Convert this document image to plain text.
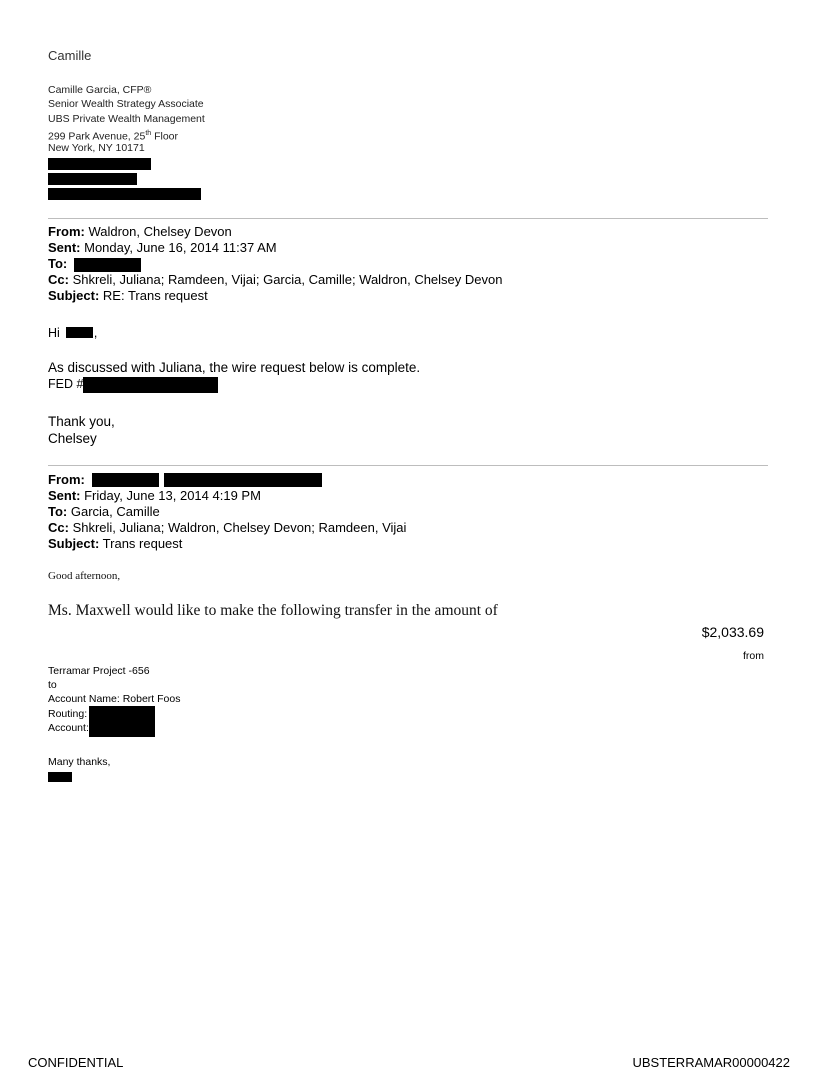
Camille
Camille Garcia, CFP®
Senior Wealth Strategy Associate
UBS Private Wealth Management
299 Park Avenue, 25th Floor
New York, NY 10171
From: Waldron, Chelsey Devon
Sent: Monday, June 16, 2014 11:37 AM
To:
Cc: Shkreli, Juliana; Ramdeen, Vijai; Garcia, Camille; Waldron, Chelsey Devon
Subject: RE: Trans request
Hi	,
As discussed with Juliana, the wire request below is complete.
FED #
Thank you,
Chelsey
From:
Sent: Friday, June 13, 2014 4:19 PM
To: Garcia, Camille
Cc: Shkreli, Juliana; Waldron, Chelsey Devon; Ramdeen, Vijai
Subject: Trans request
Good afternoon,
Ms. Maxwell would like to make the following transfer in the amount of
$2,033.69
from
Terramar Project -656
to
Account Name: Robert Foos
Routing:
Account:
Many thanks,
CONFIDENTIAL	UBSTERRAMAR00000422
